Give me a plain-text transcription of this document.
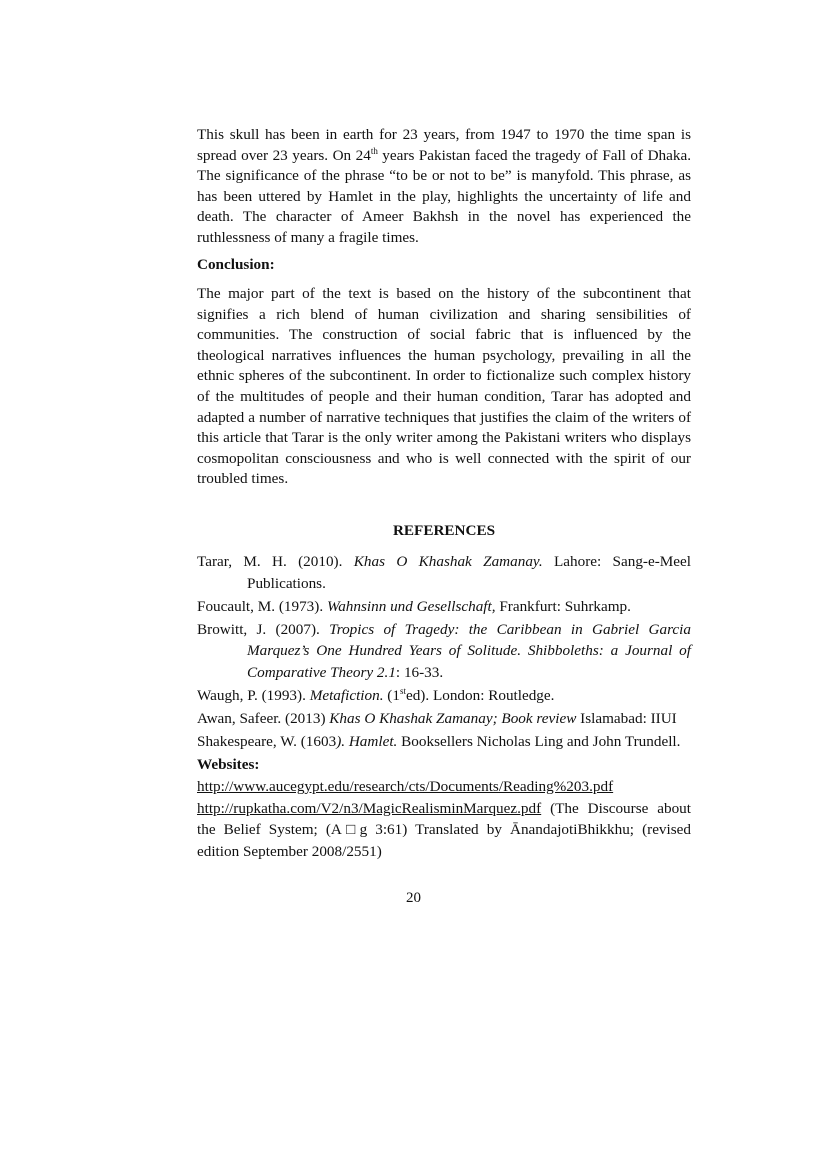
This skull has been in earth for 23 years, from 1947 to 1970 the time span is spread over 23 years. On 24th years Pakistan faced the tragedy of Fall of Dhaka. The significance of the phrase “to be or not to be” is manyfold. This phrase, as has been uttered by Hamlet in the play, highlights the uncertainty of life and death. The character of Ameer Bakhsh in the novel has experienced the ruthlessness of many a fragile times.

Conclusion:

The major part of the text is based on the history of the subcontinent that signifies a rich blend of human civilization and sharing sensibilities of communities. The construction of social fabric that is influenced by the theological narratives influences the human psychology, prevailing in all the ethnic spheres of the subcontinent. In order to fictionalize such complex history of the multitudes of people and their human condition, Tarar has adopted and adapted a number of narrative techniques that justifies the claim of the writers of this article that Tarar is the only writer among the Pakistani writers who displays cosmopolitan consciousness and who is well connected with the spirit of our troubled times.

REFERENCES
Tarar, M. H. (2010). Khas O Khashak Zamanay. Lahore: Sang-e-Meel Publications.
Foucault, M. (1973). Wahnsinn und Gesellschaft, Frankfurt: Suhrkamp.
Browitt, J. (2007). Tropics of Tragedy: the Caribbean in Gabriel Garcia Marquez’s One Hundred Years of Solitude. Shibboleths: a Journal of Comparative Theory 2.1: 16-33.
Waugh, P. (1993). Metafiction. (1sted). London: Routledge.
Awan, Safeer. (2013) Khas O Khashak Zamanay; Book review Islamabad: IIUI
Shakespeare, W. (1603). Hamlet. Booksellers Nicholas Ling and John Trundell.
Websites:
http://www.aucegypt.edu/research/cts/Documents/Reading%203.pdf
http://rupkatha.com/V2/n3/MagicRealisminMarquez.pdf (The Discourse about the Belief System; (A□g 3:61) Translated by ĀnandajotiBhikkhu; (revised edition September 2008/2551)
20
